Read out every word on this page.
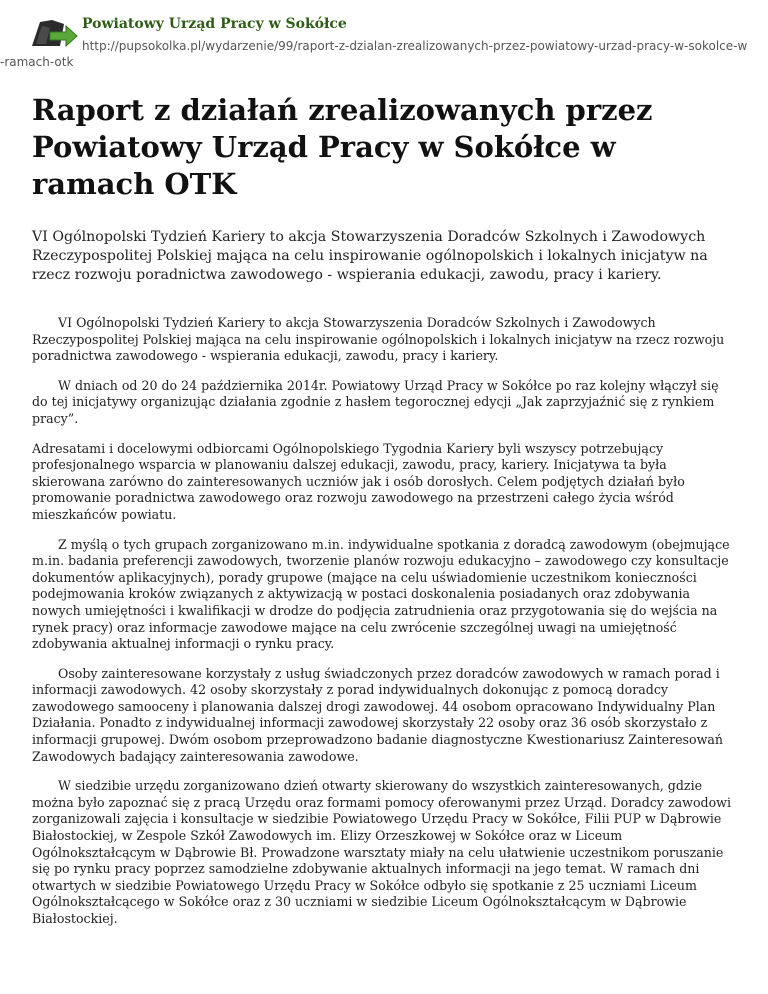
Powiatowy Urząd Pracy w Sokółce
http://pupsokolka.pl/wydarzenie/99/raport-z-dzialan-zrealizowanych-przez-powiatowy-urzad-pracy-w-sokolce-w-ramach-otk
Raport z działań zrealizowanych przez Powiatowy Urząd Pracy w Sokółce w ramach OTK

VI Ogólnopolski Tydzień Kariery to akcja Stowarzyszenia Doradców Szkolnych i Zawodowych Rzeczypospolitej Polskiej mająca na celu inspirowanie ogólnopolskich i lokalnych inicjatyw na rzecz rozwoju poradnictwa zawodowego - wspierania edukacji, zawodu, pracy i kariery.

VI Ogólnopolski Tydzień Kariery to akcja Stowarzyszenia Doradców Szkolnych i Zawodowych Rzeczypospolitej Polskiej mająca na celu inspirowanie ogólnopolskich i lokalnych inicjatyw na rzecz rozwoju poradnictwa zawodowego - wspierania edukacji, zawodu, pracy i kariery.

W dniach od 20 do 24 października 2014r. Powiatowy Urząd Pracy w Sokółce po raz kolejny włączył się do tej inicjatywy organizując działania zgodnie z hasłem tegorocznej edycji „Jak zaprzyjaźnić się z rynkiem pracy”.

Adresatami i docelowymi odbiorcami Ogólnopolskiego Tygodnia Kariery byli wszyscy potrzebujący profesjonalnego wsparcia w planowaniu dalszej edukacji, zawodu, pracy, kariery. Inicjatywa ta była skierowana zarówno do zainteresowanych uczniów jak i osób dorosłych. Celem podjętych działań było promowanie poradnictwa zawodowego oraz rozwoju zawodowego na przestrzeni całego życia wśród mieszkańców powiatu.

Z myślą o tych grupach zorganizowano m.in. indywidualne spotkania z doradcą zawodowym (obejmujące m.in. badania preferencji zawodowych, tworzenie planów rozwoju edukacyjno – zawodowego czy konsultacje dokumentów aplikacyjnych), porady grupowe (mające na celu uświadomienie uczestnikom konieczności podejmowania kroków związanych z aktywizacją w postaci doskonalenia posiadanych oraz zdobywania nowych umiejętności i kwalifikacji w drodze do podjęcia zatrudnienia oraz przygotowania się do wejścia na rynek pracy) oraz informacje zawodowe mające na celu zwrócenie szczególnej uwagi na umiejętność zdobywania aktualnej informacji o rynku pracy.

Osoby zainteresowane korzystały z usług świadczonych przez doradców zawodowych w ramach porad i informacji zawodowych. 42 osoby skorzystały z porad indywidualnych dokonując z pomocą doradcy zawodowego samooceny i planowania dalszej drogi zawodowej. 44 osobom opracowano Indywidualny Plan Działania. Ponadto z indywidualnej informacji zawodowej skorzystały 22 osoby oraz 36 osób skorzystało z informacji grupowej. Dwóm osobom przeprowadzono badanie diagnostyczne Kwestionariusz Zainteresowań Zawodowych badający zainteresowania zawodowe.

W siedzibie urzędu zorganizowano dzień otwarty skierowany do wszystkich zainteresowanych, gdzie można było zapoznać się z pracą Urzędu oraz formami pomocy oferowanymi przez Urząd. Doradcy zawodowi zorganizowali zajęcia i konsultacje w siedzibie Powiatowego Urzędu Pracy w Sokółce, Filii PUP w Dąbrowie Białostockiej, w Zespole Szkół Zawodowych im. Elizy Orzeszkowej w Sokółce oraz w Liceum Ogólnokształcącym w Dąbrowie Bł. Prowadzone warsztaty miały na celu ułatwienie uczestnikom poruszanie się po rynku pracy poprzez samodzielne zdobywanie aktualnych informacji na jego temat. W ramach dni otwartych w siedzibie Powiatowego Urzędu Pracy w Sokółce odbyło się spotkanie z 25 uczniami Liceum Ogólnokształcącego w Sokółce oraz z 30 uczniami w siedzibie Liceum Ogólnokształcącym w Dąbrowie Białostockiej.
